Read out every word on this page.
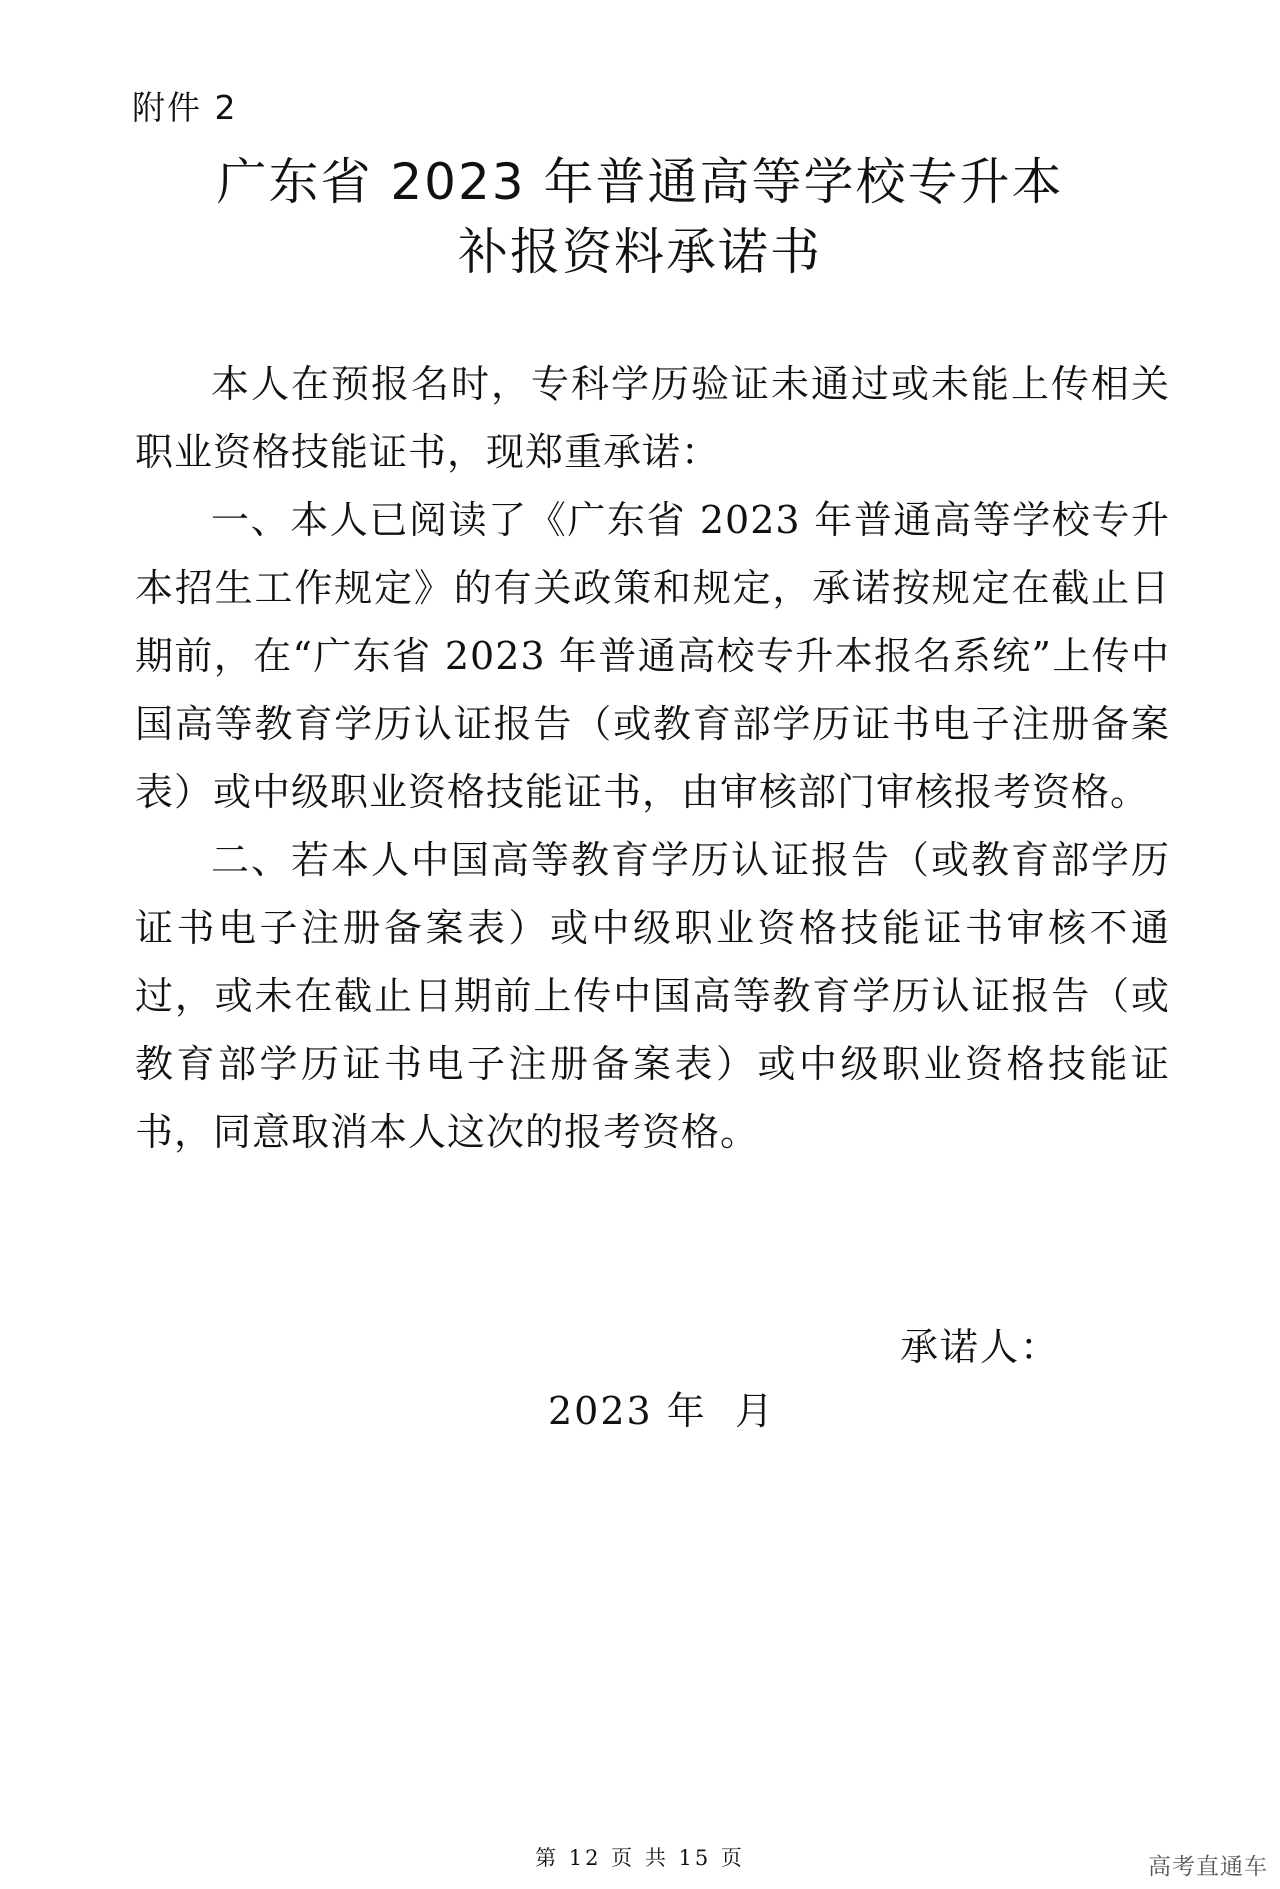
附件 2
广东省 2023 年普通高等学校专升本
补报资料承诺书

本人在预报名时，专科学历验证未通过或未能上传相关职业资格技能证书，现郑重承诺：

一、本人已阅读了《广东省 2023 年普通高等学校专升本招生工作规定》的有关政策和规定，承诺按规定在截止日期前，在“广东省 2023 年普通高校专升本报名系统”上传中国高等教育学历认证报告（或教育部学历证书电子注册备案表）或中级职业资格技能证书，由审核部门审核报考资格。

二、若本人中国高等教育学历认证报告（或教育部学历证书电子注册备案表）或中级职业资格技能证书审核不通过，或未在截止日期前上传中国高等教育学历认证报告（或教育部学历证书电子注册备案表）或中级职业资格技能证书，同意取消本人这次的报考资格。

承诺人：
2023 年  月
第 12 页 共 15 页	高考直通车
